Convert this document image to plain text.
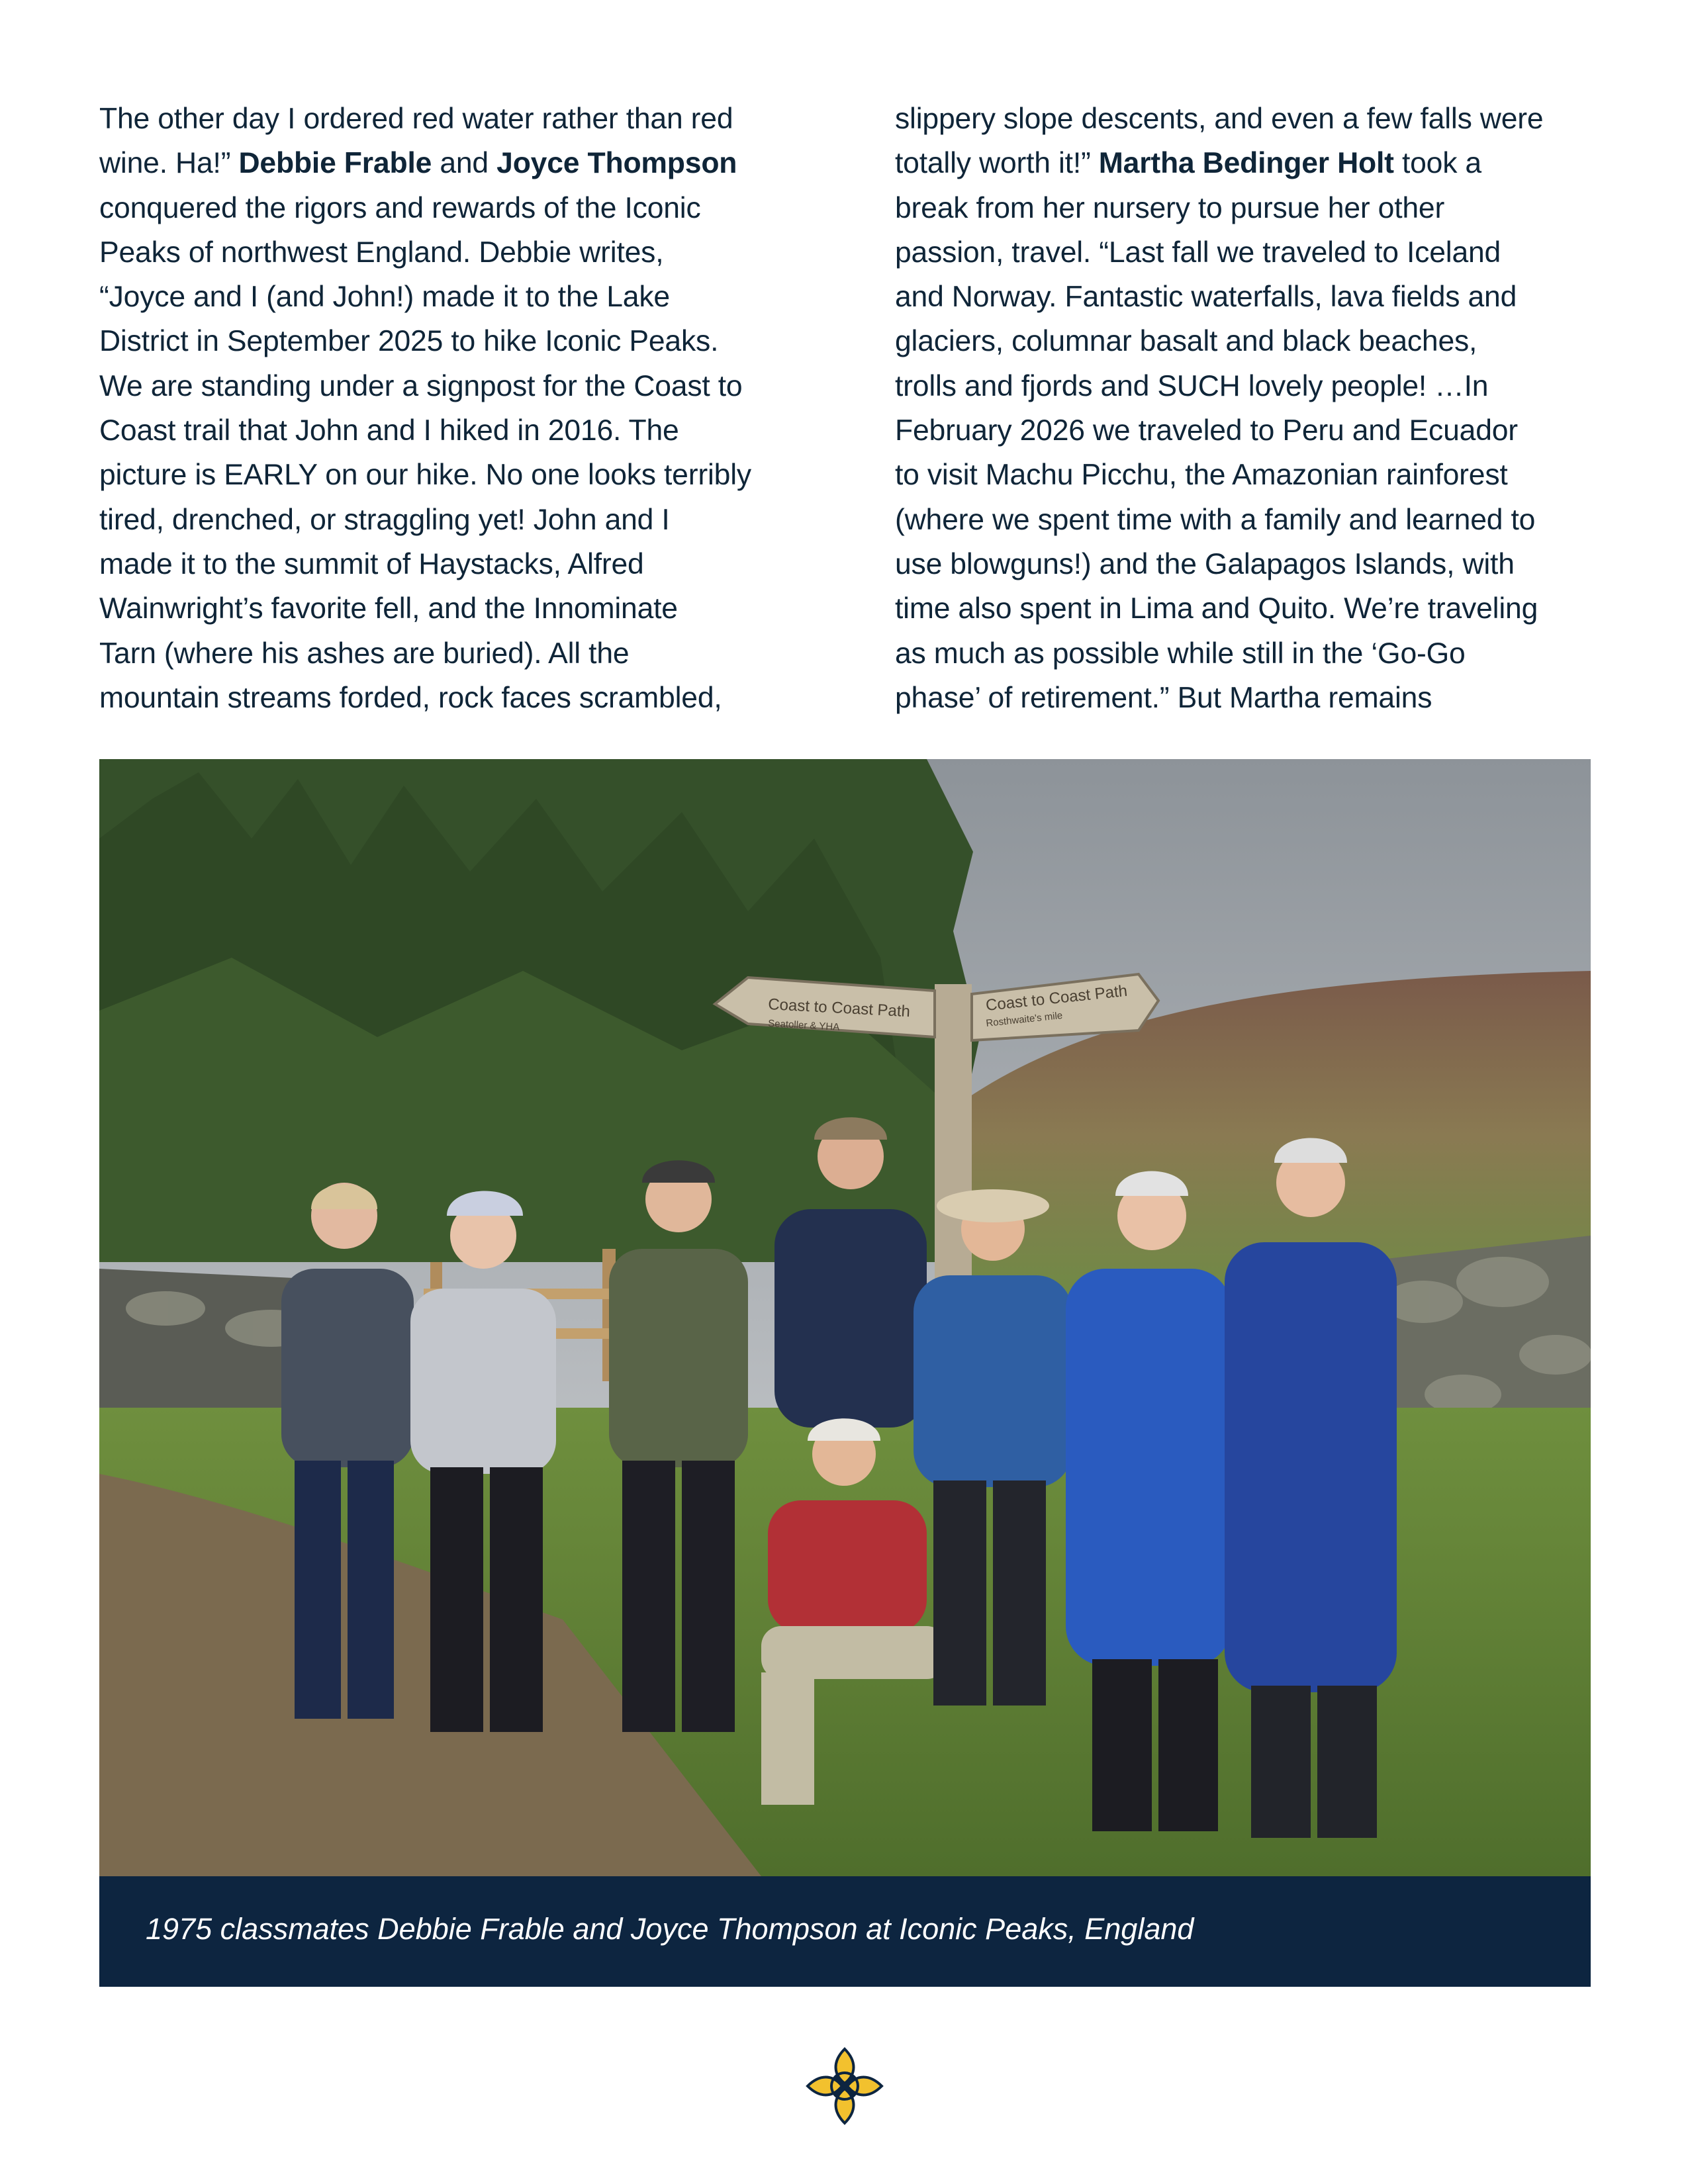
The other day I ordered red water rather than red
wine. Ha!” Debbie Frable and Joyce Thompson
conquered the rigors and rewards of the Iconic
Peaks of northwest England. Debbie writes,
“Joyce and I (and John!) made it to the Lake
District in September 2025 to hike Iconic Peaks.
We are standing under a signpost for the Coast to
Coast trail that John and I hiked in 2016. The
picture is EARLY on our hike. No one looks terribly
tired, drenched, or straggling yet! John and I
made it to the summit of Haystacks, Alfred
Wainwright’s favorite fell, and the Innominate
Tarn (where his ashes are buried). All the
mountain streams forded, rock faces scrambled,
slippery slope descents, and even a few falls were
totally worth it!” Martha Bedinger Holt took a
break from her nursery to pursue her other
passion, travel. “Last fall we traveled to Iceland
and Norway. Fantastic waterfalls, lava fields and
glaciers, columnar basalt and black beaches,
trolls and fjords and SUCH lovely people! …In
February 2026 we traveled to Peru and Ecuador
to visit Machu Picchu, the Amazonian rainforest
(where we spent time with a family and learned to
use blowguns!) and the Galapagos Islands, with
time also spent in Lima and Quito. We’re traveling
as much as possible while still in the ‘Go-Go
phase’ of retirement.” But Martha remains
Coast to Coast Path
Seatoller & YHA
Coast to Coast Path
Rosthwaite's mile
1975 classmates Debbie Frable and Joyce Thompson at Iconic Peaks, England
